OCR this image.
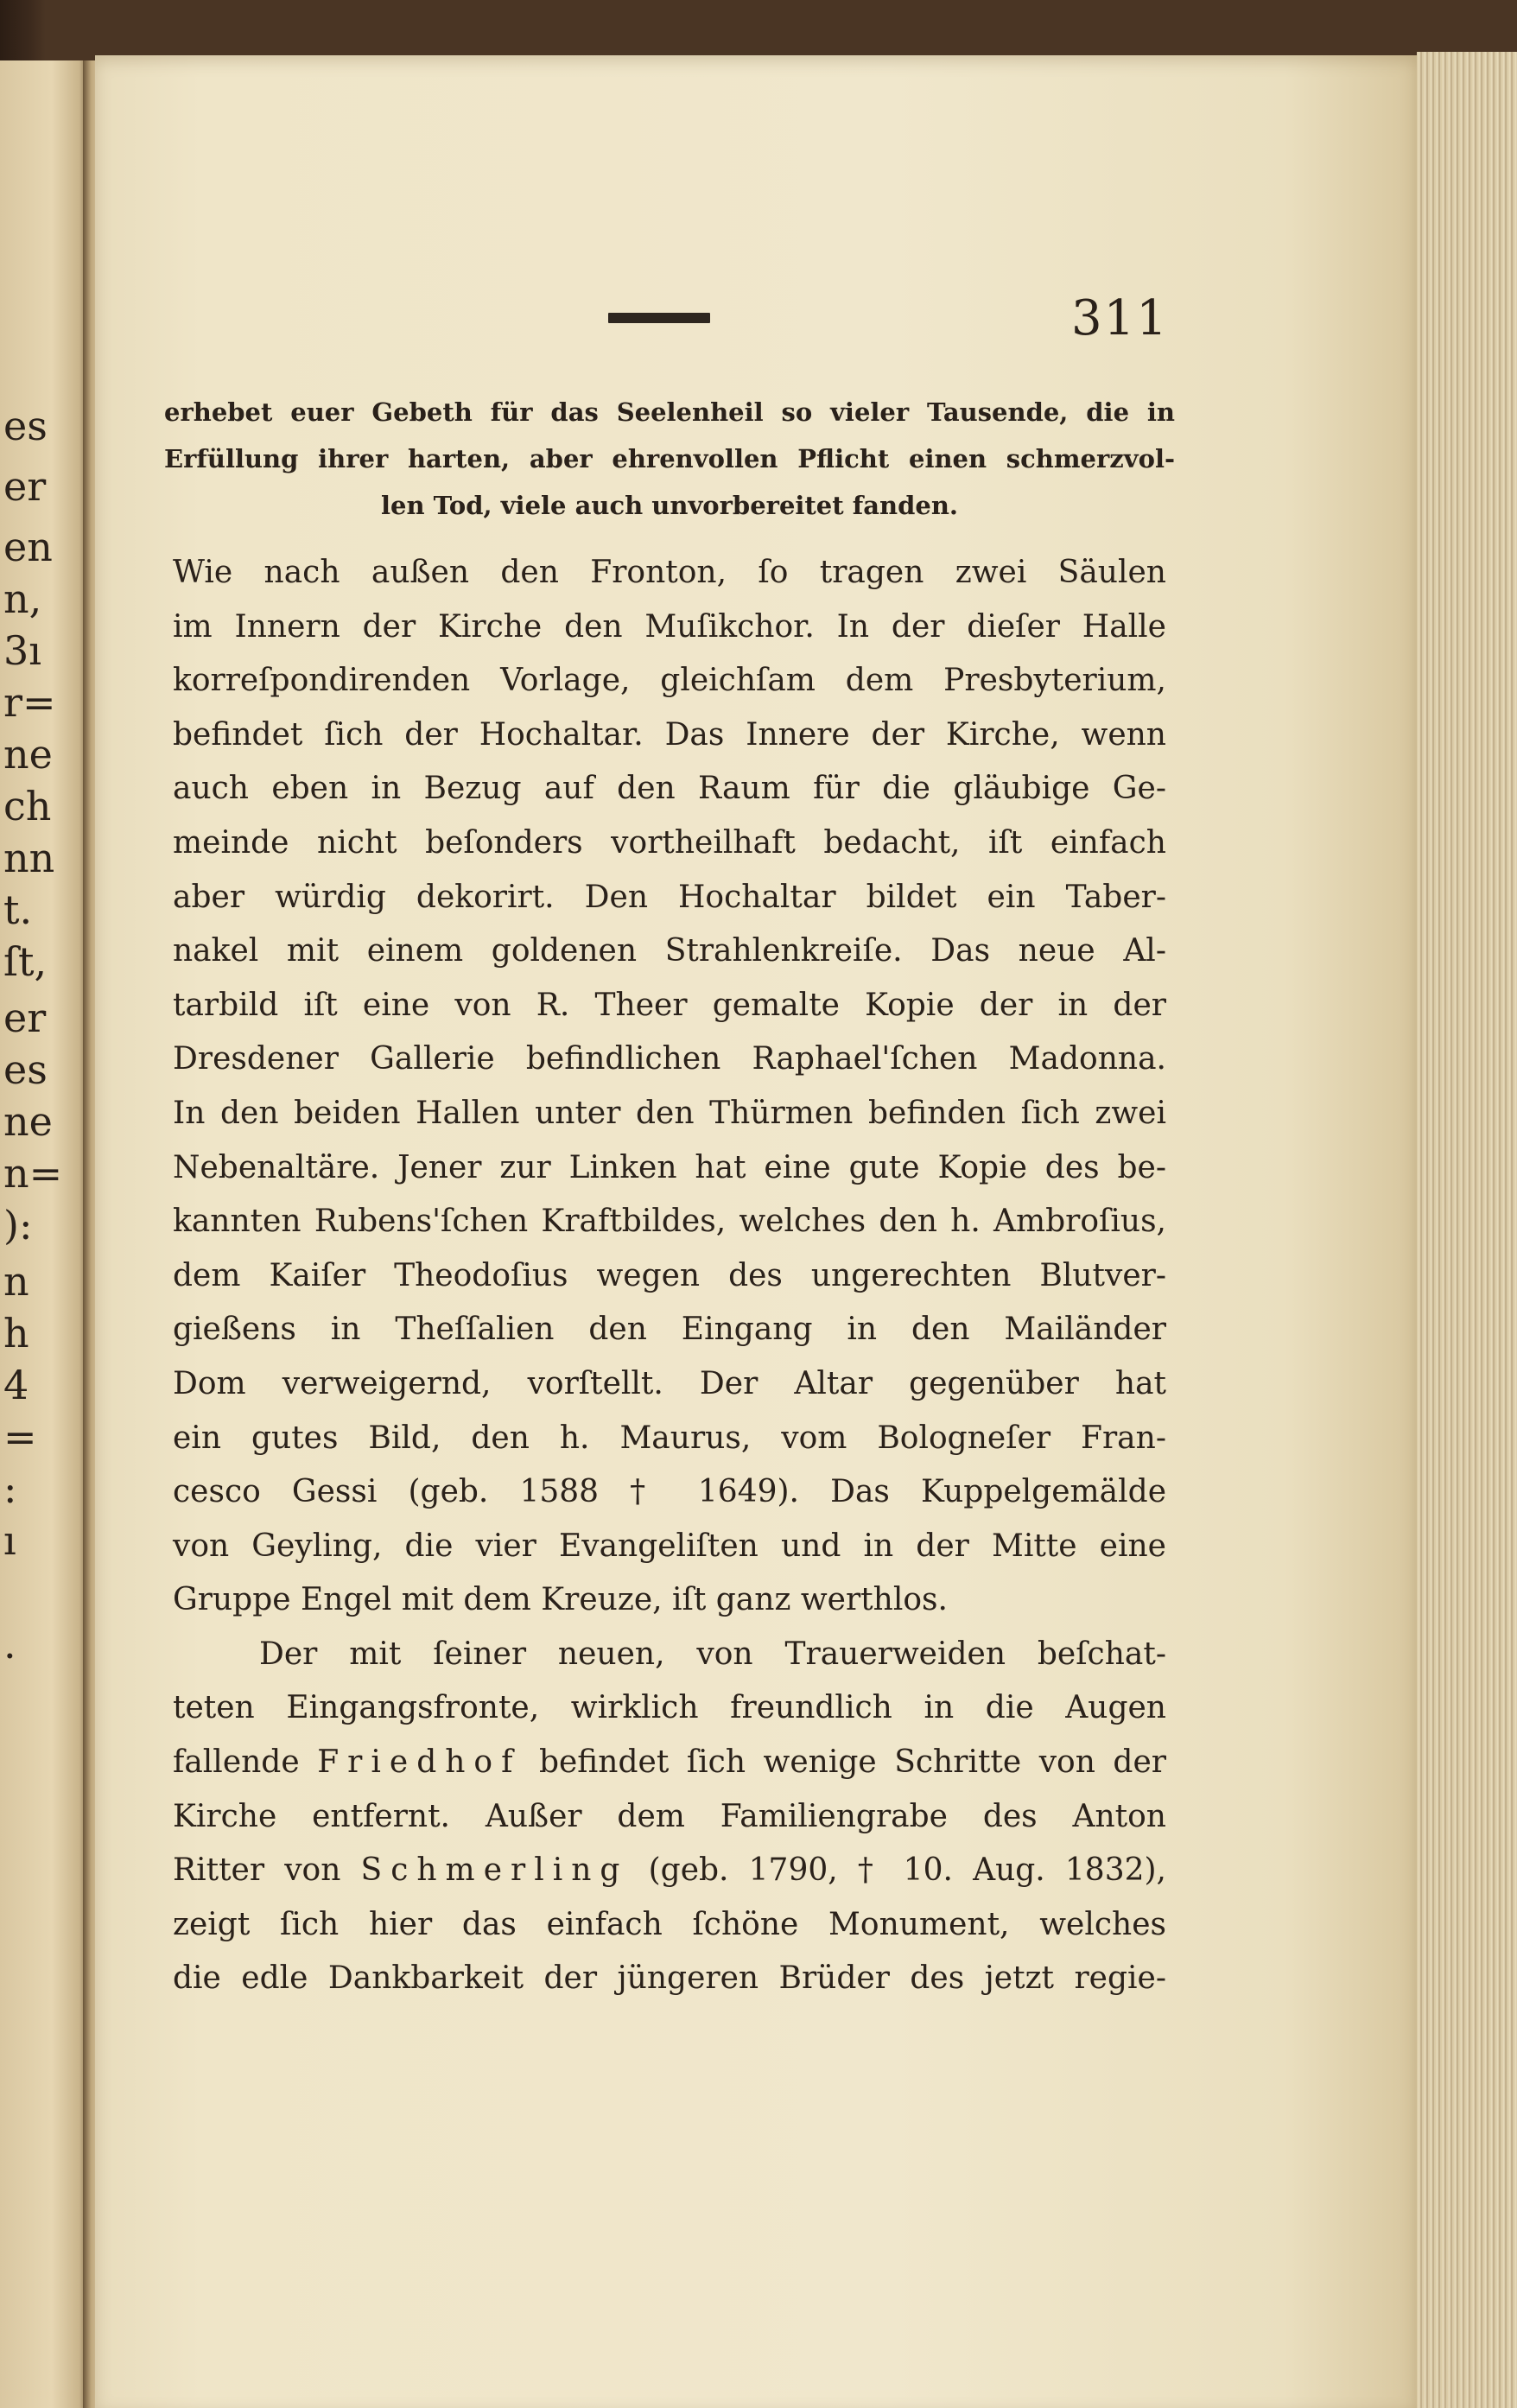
es
er
en
n,
3ı
r=
ne
ch
nn
t.
ſt,
er
es
ne
n=
):
n
h
4
=
:
ı
.
311
erhebet euer Gebeth für das Seelenheil so vieler Tausende, die in
Erfüllung ihrer harten, aber ehrenvollen Pflicht einen schmerzvol-
len Tod, viele auch unvorbereitet fanden.
Wie nach außen den Fronton, ſo tragen zwei Säulen
im Innern der Kirche den Muſikchor. In der dieſer Halle
korreſpondirenden Vorlage, gleichſam dem Presbyterium,
befindet ſich der Hochaltar. Das Innere der Kirche, wenn
auch eben in Bezug auf den Raum für die gläubige Ge-
meinde nicht beſonders vortheilhaft bedacht, iſt einfach
aber würdig dekorirt. Den Hochaltar bildet ein Taber-
nakel mit einem goldenen Strahlenkreiſe. Das neue Al-
tarbild iſt eine von R. Theer gemalte Kopie der in der
Dresdener Gallerie befindlichen Raphael'ſchen Madonna.
In den beiden Hallen unter den Thürmen befinden ſich zwei
Nebenaltäre. Jener zur Linken hat eine gute Kopie des be-
kannten Rubens'ſchen Kraftbildes, welches den h. Ambroſius,
dem Kaiſer Theodoſius wegen des ungerechten Blutver-
gießens in Theſſalien den Eingang in den Mailänder
Dom verweigernd, vorſtellt. Der Altar gegenüber hat
ein gutes Bild, den h. Maurus, vom Bologneſer Fran-
cesco Gessi (geb. 1588 † 1649). Das Kuppelgemälde
von Geyling, die vier Evangeliſten und in der Mitte eine
Gruppe Engel mit dem Kreuze, iſt ganz werthlos.
Der mit ſeiner neuen, von Trauerweiden beſchat-
teten Eingangsfronte, wirklich freundlich in die Augen
fallende Friedhof befindet ſich wenige Schritte von der
Kirche entfernt. Außer dem Familiengrabe des Anton
Ritter von Schmerling (geb. 1790, † 10. Aug. 1832),
zeigt ſich hier das einfach ſchöne Monument, welches
die edle Dankbarkeit der jüngeren Brüder des jetzt regie-
